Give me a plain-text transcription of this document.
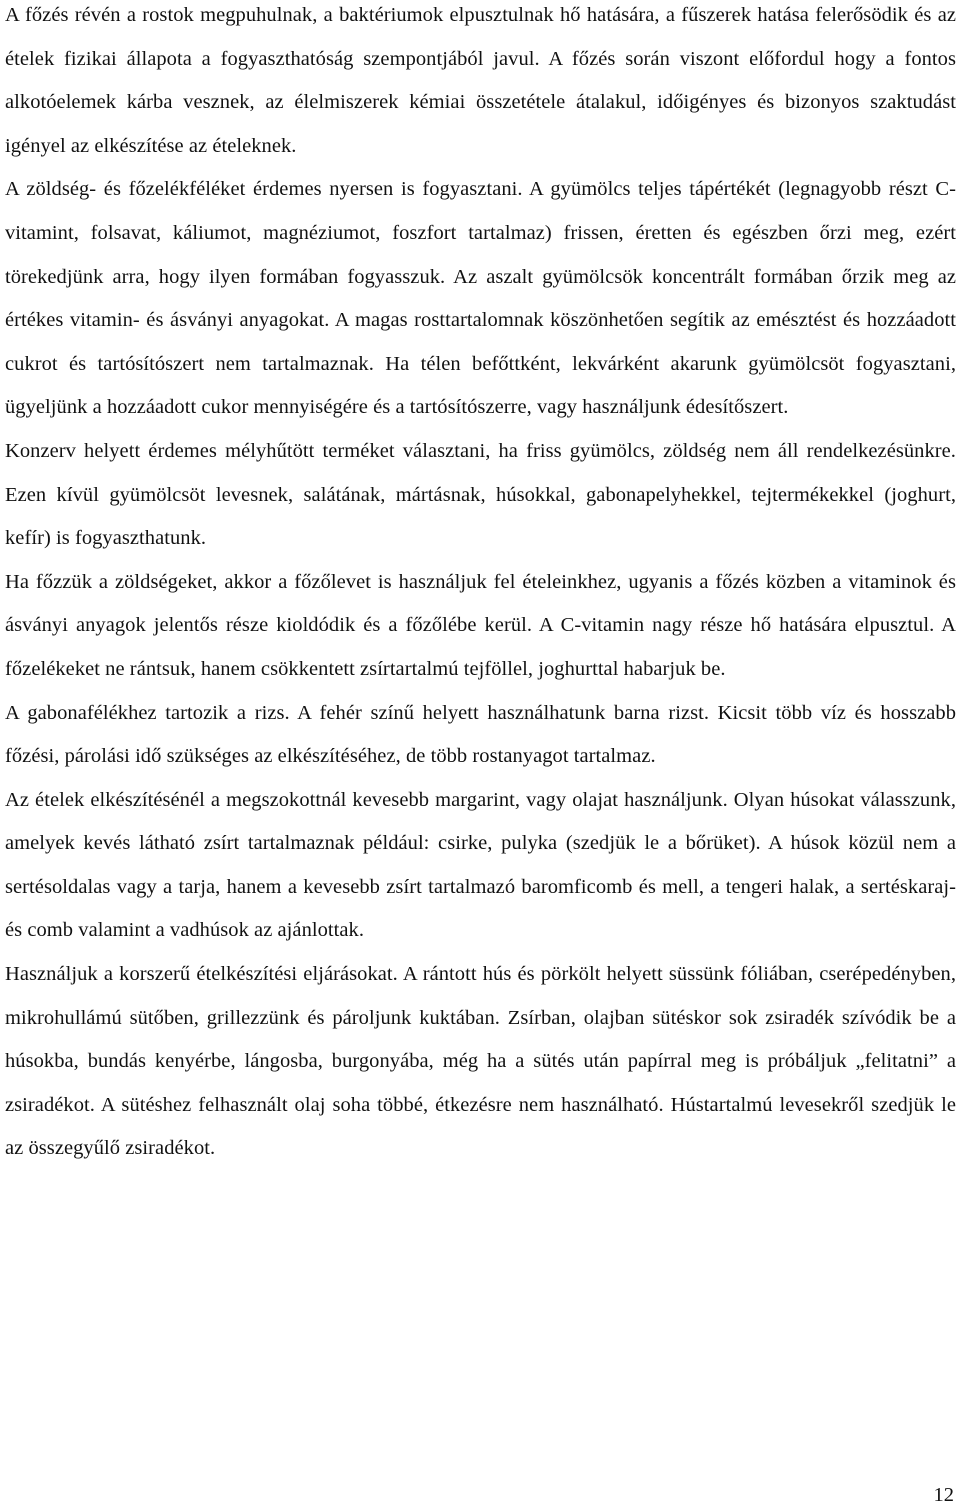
A főzés révén a rostok megpuhulnak, a baktériumok elpusztulnak hő hatására, a fűszerek hatása felerősödik és az ételek fizikai állapota a fogyaszthatóság szempontjából javul. A főzés során viszont előfordul hogy a fontos alkotóelemek kárba vesznek, az élelmiszerek kémiai összetétele átalakul, időigényes és bizonyos szaktudást igényel az elkészítése az ételeknek.

A zöldség- és főzelékféléket érdemes nyersen is fogyasztani. A gyümölcs teljes tápértékét (legnagyobb részt C-vitamint, folsavat, káliumot, magnéziumot, foszfort tartalmaz) frissen, éretten és egészben őrzi meg, ezért törekedjünk arra, hogy ilyen formában fogyasszuk. Az aszalt gyümölcsök koncentrált formában őrzik meg az értékes vitamin- és ásványi anyagokat. A magas rosttartalomnak köszönhetően segítik az emésztést és hozzáadott cukrot és tartósítószert nem tartalmaznak. Ha télen befőttként, lekvárként akarunk gyümölcsöt fogyasztani, ügyeljünk a hozzáadott cukor mennyiségére és a tartósítószerre, vagy használjunk édesítőszert.

Konzerv helyett érdemes mélyhűtött terméket választani, ha friss gyümölcs, zöldség nem áll rendelkezésünkre. Ezen kívül gyümölcsöt levesnek, salátának, mártásnak, húsokkal, gabonapelyhekkel, tejtermékekkel (joghurt, kefír) is fogyaszthatunk.

Ha főzzük a zöldségeket, akkor a főzőlevet is használjuk fel ételeinkhez, ugyanis a főzés közben a vitaminok és ásványi anyagok jelentős része kioldódik és a főzőlébe kerül. A C-vitamin nagy része hő hatására elpusztul. A főzelékeket ne rántsuk, hanem csökkentett zsírtartalmú tejföllel, joghurttal habarjuk be.

A gabonafélékhez tartozik a rizs. A fehér színű helyett használhatunk barna rizst. Kicsit több víz és hosszabb főzési, párolási idő szükséges az elkészítéséhez, de több rostanyagot tartalmaz.

Az ételek elkészítésénél a megszokottnál kevesebb margarint, vagy olajat használjunk. Olyan húsokat válasszunk, amelyek kevés látható zsírt tartalmaznak például: csirke, pulyka (szedjük le a bőrüket). A húsok közül nem a sertésoldalas vagy a tarja, hanem a kevesebb zsírt tartalmazó baromficomb és mell, a tengeri halak, a sertéskaraj- és comb valamint a vadhúsok az ajánlottak.

Használjuk a korszerű ételkészítési eljárásokat. A rántott hús és pörkölt helyett süssünk fóliában, cserépedényben, mikrohullámú sütőben, grillezzünk és pároljunk kuktában. Zsírban, olajban sütéskor sok zsiradék szívódik be a húsokba, bundás kenyérbe, lángosba, burgonyába, még ha a sütés után papírral meg is próbáljuk „felitatni” a zsiradékot. A sütéshez felhasznált olaj soha többé, étkezésre nem használható. Hústartalmú levesekről szedjük le az összegyűlő zsiradékot.

12
